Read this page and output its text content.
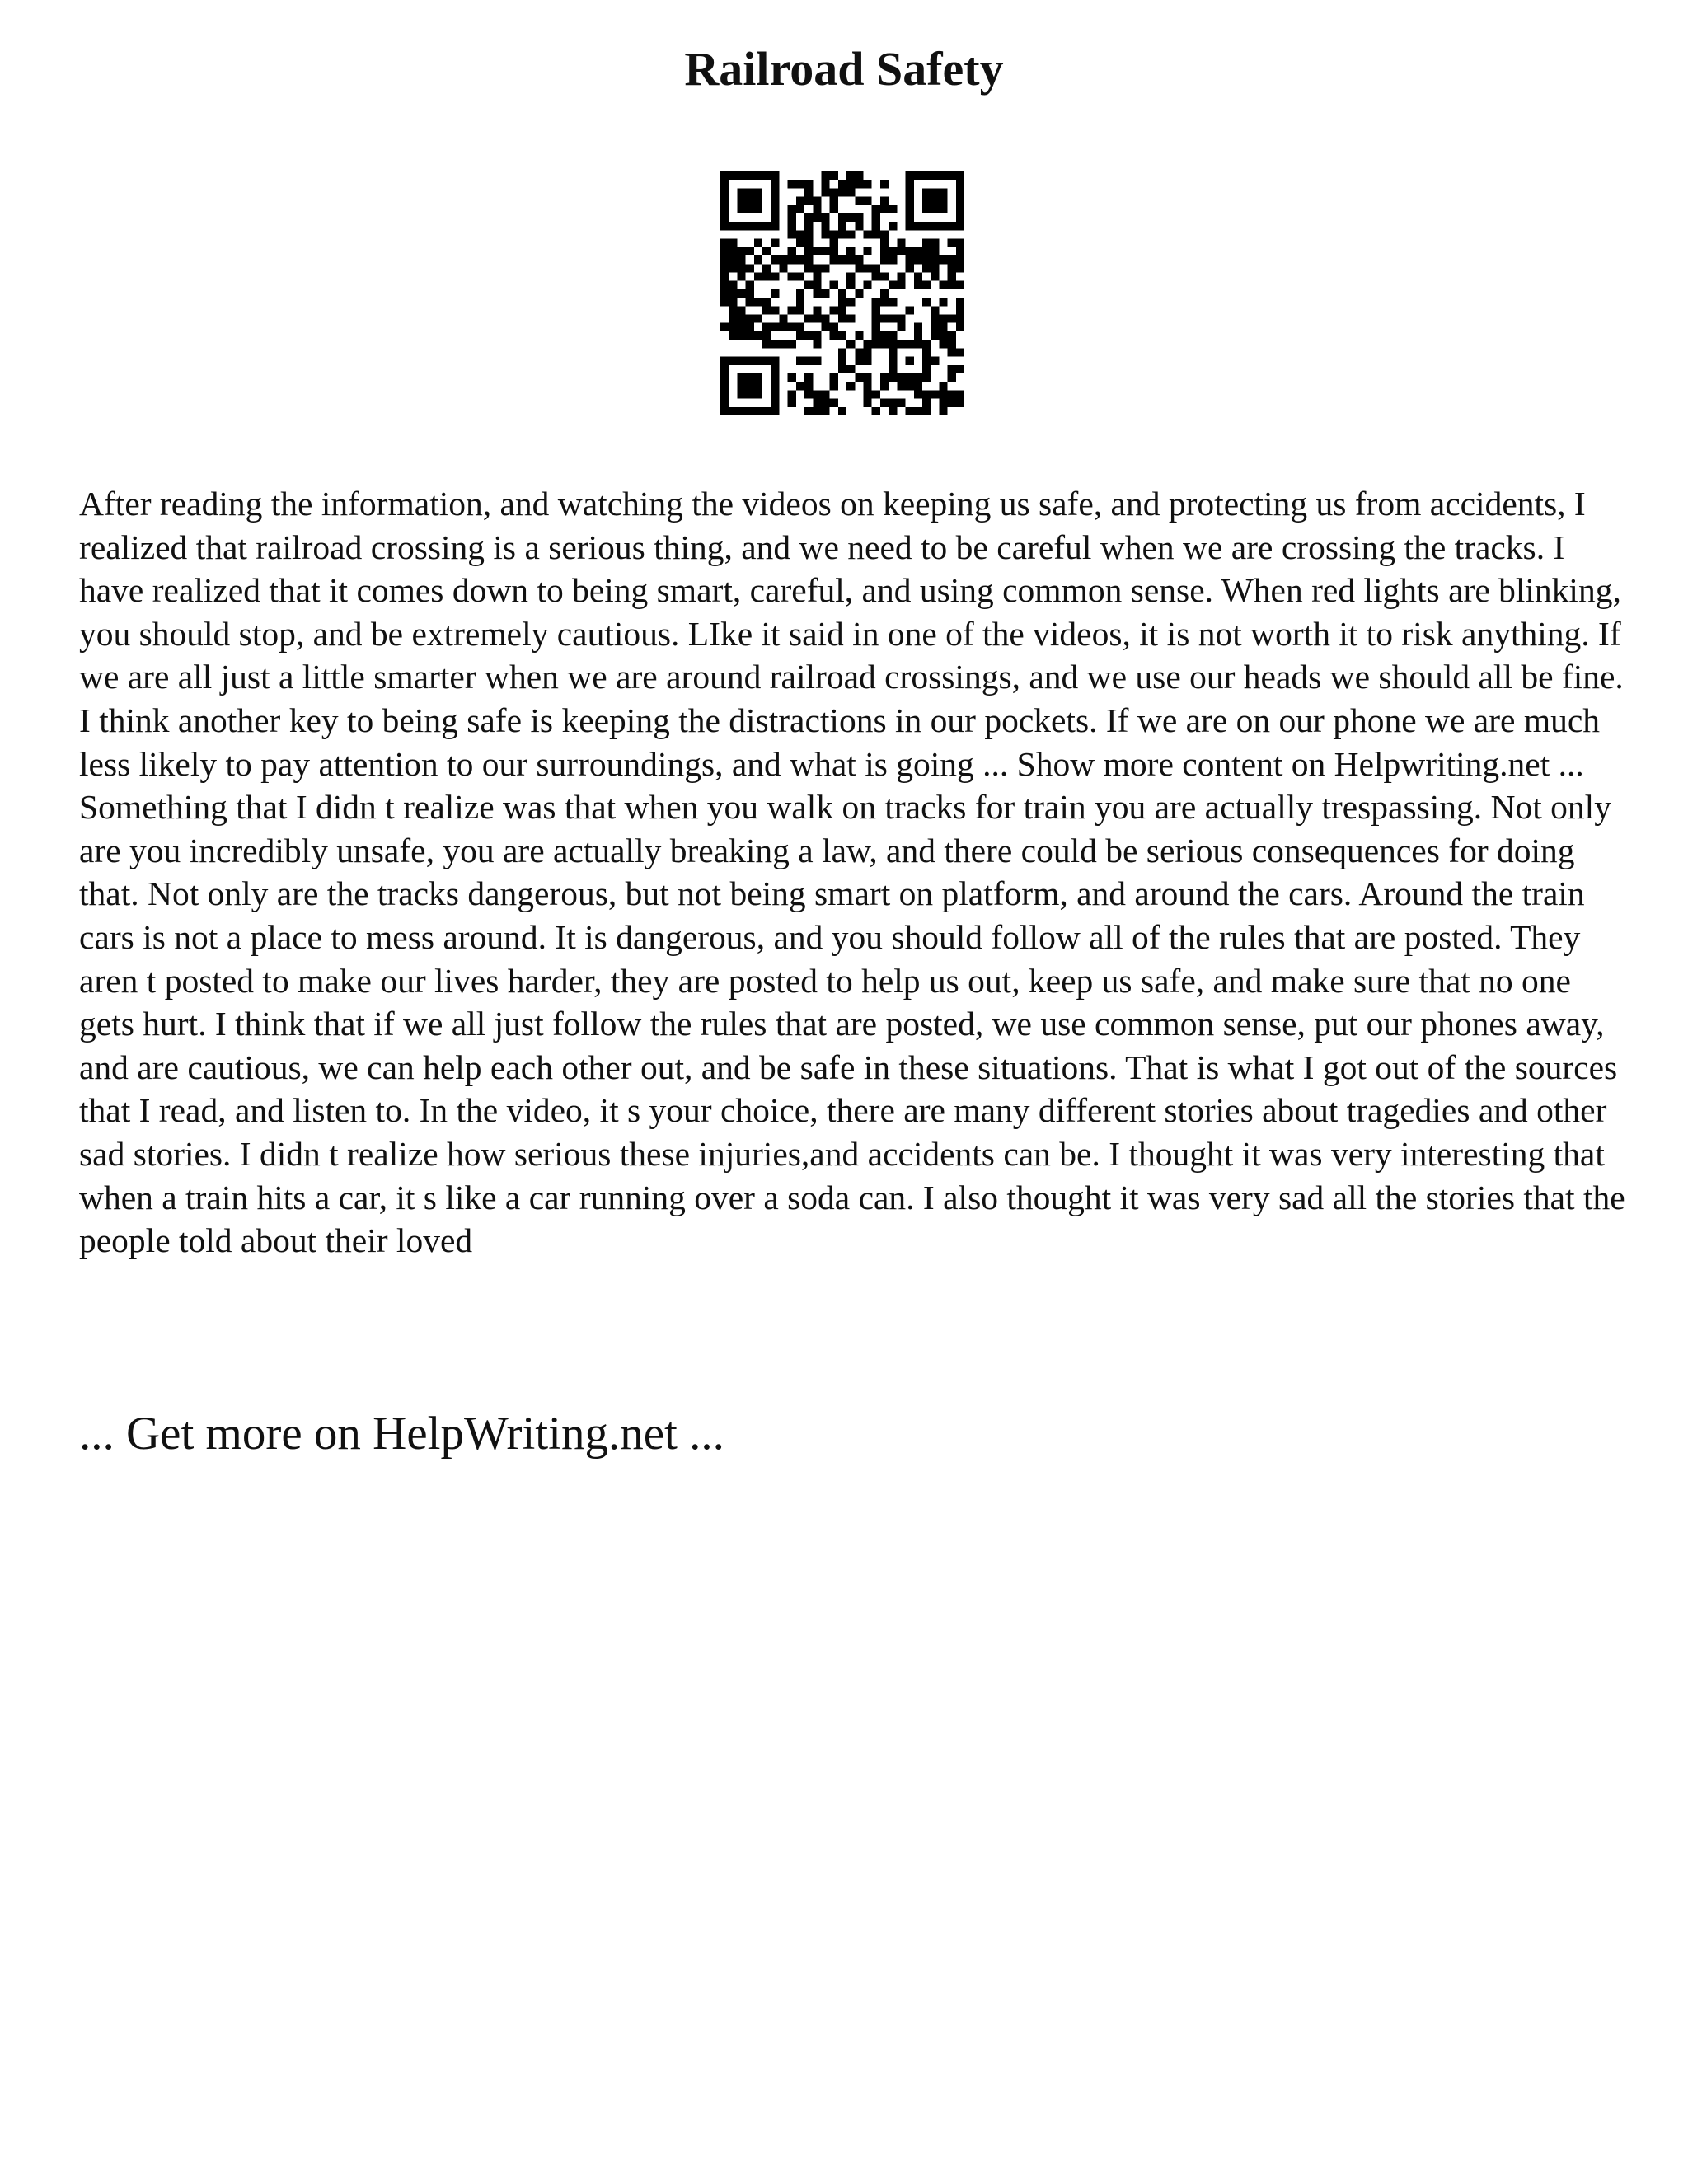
Railroad Safety

After reading the information, and watching the videos on keeping us safe, and protecting us from accidents, I realized that railroad crossing is a serious thing, and we need to be careful when we are crossing the tracks. I have realized that it comes down to being smart, careful, and using common sense. When red lights are blinking, you should stop, and be extremely cautious. LIke it said in one of the videos, it is not worth it to risk anything. If we are all just a little smarter when we are around railroad crossings, and we use our heads we should all be fine. I think another key to being safe is keeping the distractions in our pockets. If we are on our phone we are much less likely to pay attention to our surroundings, and what is going ... Show more content on Helpwriting.net ...

Something that I didn t realize was that when you walk on tracks for train you are actually trespassing. Not only are you incredibly unsafe, you are actually breaking a law, and there could be serious consequences for doing that. Not only are the tracks dangerous, but not being smart on platform, and around the cars. Around the train cars is not a place to mess around. It is dangerous, and you should follow all of the rules that are posted. They aren t posted to make our lives harder, they are posted to help us out, keep us safe, and make sure that no one gets hurt. I think that if we all just follow the rules that are posted, we use common sense, put our phones away, and are cautious, we can help each other out, and be safe in these situations. That is what I got out of the sources that I read, and listen to. In the video, it s your choice, there are many different stories about tragedies and other sad stories. I didn t realize how serious these injuries,and accidents can be. I thought it was very interesting that when a train hits a car, it s like a car running over a soda can. I also thought it was very sad all the stories that the people told about their loved

... Get more on HelpWriting.net ...
